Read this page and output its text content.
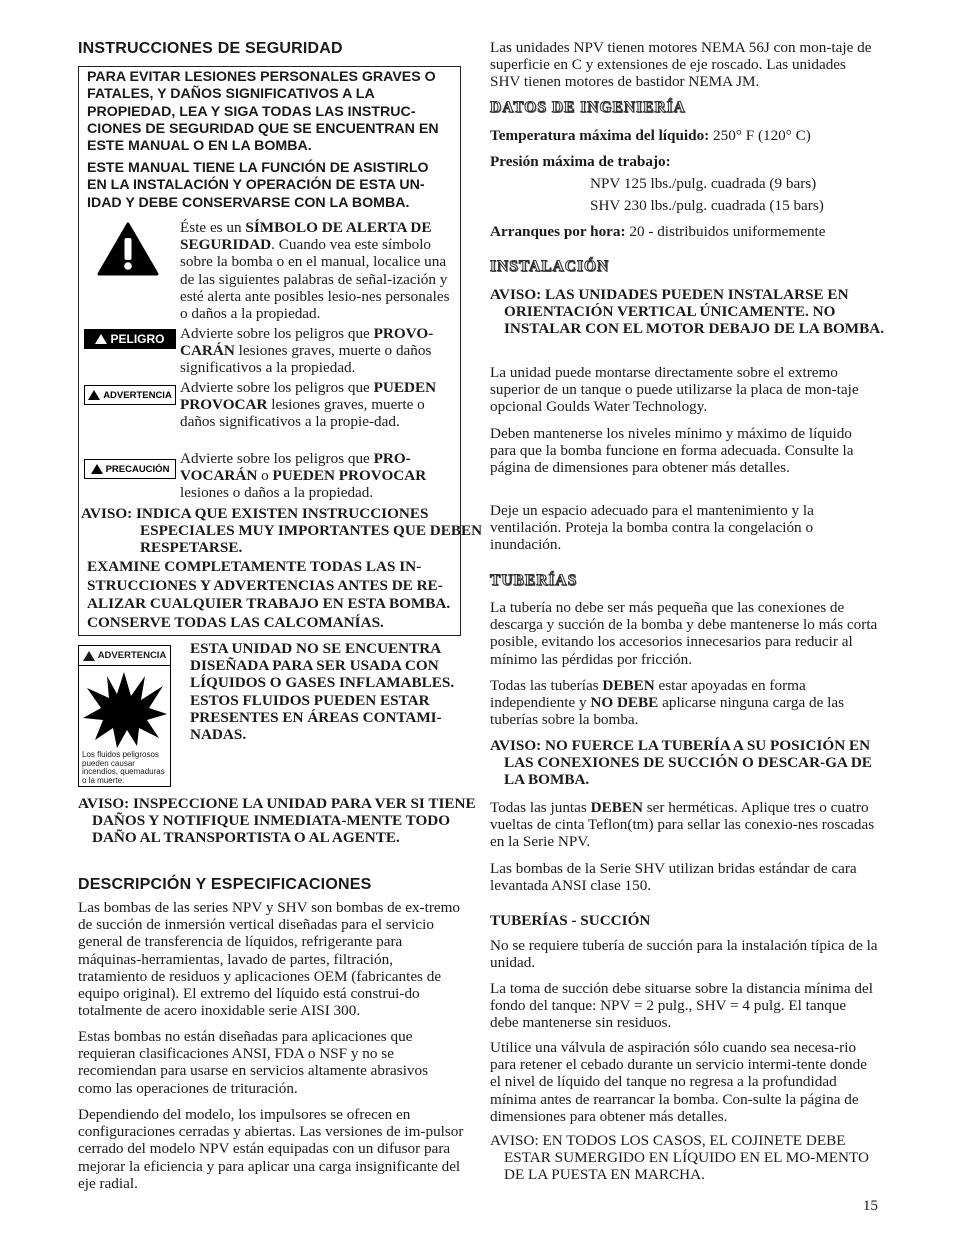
INSTRUCCIONES DE SEGURIDAD

PARA EVITAR LESIONES PERSONALES GRAVES O FATALES, Y DAÑOS SIGNIFICATIVOS A LA PROPIEDAD, LEA Y SIGA TODAS LAS INSTRUC-CIONES DE SEGURIDAD QUE SE ENCUENTRAN EN ESTE MANUAL O EN LA BOMBA.

ESTE MANUAL TIENE LA FUNCIÓN DE ASISTIRLO EN LA INSTALACIÓN Y OPERACIÓN DE ESTA UN-IDAD Y DEBE CONSERVARSE CON LA BOMBA.

Éste es un SÍMBOLO DE ALERTA DE SEGURIDAD. Cuando vea este símbolo sobre la bomba o en el manual, localice una de las siguientes palabras de señal-ización y esté alerta ante posibles lesio-nes personales o daños a la propiedad.

Advierte sobre los peligros que PROVO-CARÁN lesiones graves, muerte o daños significativos a la propiedad.

Advierte sobre los peligros que PUEDEN PROVOCAR lesiones graves, muerte o daños significativos a la propie-dad.

Advierte sobre los peligros que PRO-VOCARÁN o PUEDEN PROVOCAR lesiones o daños a la propiedad.

AVISO: INDICA QUE EXISTEN INSTRUCCIONES ESPECIALES MUY IMPORTANTES QUE DEBEN RESPETARSE.

EXAMINE COMPLETAMENTE TODAS LAS IN-STRUCCIONES Y ADVERTENCIAS ANTES DE RE-ALIZAR CUALQUIER TRABAJO EN ESTA BOMBA.

CONSERVE TODAS LAS CALCOMANÍAS.

PELIGRO
ADVERTENCIA
PRECAUCIÓN
ADVERTENCIA
Los fluidos peligrosos pueden causar incendios, quemaduras o la muerte.

ESTA UNIDAD NO SE ENCUENTRA DISEÑADA PARA SER USADA CON LÍQUIDOS O GASES INFLAMABLES. ESTOS FLUIDOS PUEDEN ESTAR PRESENTES EN ÁREAS CONTAMI-NADAS.

AVISO: INSPECCIONE LA UNIDAD PARA VER SI TIENE DAÑOS Y NOTIFIQUE INMEDIATA-MENTE TODO DAÑO AL TRANSPORTISTA O AL AGENTE.

DESCRIPCIÓN Y ESPECIFICACIONES

Las bombas de las series NPV y SHV son bombas de ex-tremo de succión de inmersión vertical diseñadas para el servicio general de transferencia de líquidos, refrigerante para máquinas-herramientas, lavado de partes, filtración, tratamiento de residuos y aplicaciones OEM (fabricantes de equipo original). El extremo del líquido está construi-do totalmente de acero inoxidable serie AISI 300.

Estas bombas no están diseñadas para aplicaciones que requieran clasificaciones ANSI, FDA o NSF y no se recomiendan para usarse en servicios altamente abrasivos como las operaciones de trituración.

Dependiendo del modelo, los impulsores se ofrecen en configuraciones cerradas y abiertas. Las versiones de im-pulsor cerrado del modelo NPV están equipadas con un difusor para mejorar la eficiencia y para aplicar una carga insignificante del eje radial.

Las unidades NPV tienen motores NEMA 56J con mon-taje de superficie en C y extensiones de eje roscado. Las unidades SHV tienen motores de bastidor NEMA JM.

DATOS DE INGENIERÍA

Temperatura máxima del líquido: 250° F (120° C)

Presión máxima de trabajo:

NPV 125 lbs./pulg. cuadrada (9 bars)

SHV 230 lbs./pulg. cuadrada (15 bars)

Arranques por hora: 20 - distribuidos uniformemente

INSTALACIÓN

AVISO: LAS UNIDADES PUEDEN INSTALARSE EN ORIENTACIÓN VERTICAL ÚNICAMENTE. NO INSTALAR CON EL MOTOR DEBAJO DE LA BOMBA.

La unidad puede montarse directamente sobre el extremo superior de un tanque o puede utilizarse la placa de mon-taje opcional Goulds Water Technology.

Deben mantenerse los niveles mínimo y máximo de líquido para que la bomba funcione en forma adecuada. Consulte la página de dimensiones para obtener más detalles.

Deje un espacio adecuado para el mantenimiento y la ventilación. Proteja la bomba contra la congelación o inundación.

TUBERÍAS

La tubería no debe ser más pequeña que las conexiones de descarga y succión de la bomba y debe mantenerse lo más corta posible, evitando los accesorios innecesarios para reducir al mínimo las pérdidas por fricción.

Todas las tuberías DEBEN estar apoyadas en forma independiente y NO DEBE aplicarse ninguna carga de las tuberías sobre la bomba.

AVISO: NO FUERCE LA TUBERÍA A SU POSICIÓN EN LAS CONEXIONES DE SUCCIÓN O DESCAR-GA DE LA BOMBA.

Todas las juntas DEBEN ser herméticas. Aplique tres o cuatro vueltas de cinta Teflon(tm) para sellar las conexio-nes roscadas en la Serie NPV.

Las bombas de la Serie SHV utilizan bridas estándar de cara levantada ANSI clase 150.

TUBERÍAS - SUCCIÓN

No se requiere tubería de succión para la instalación típica de la unidad.

La toma de succión debe situarse sobre la distancia mínima del fondo del tanque: NPV = 2 pulg., SHV = 4 pulg. El tanque debe mantenerse sin residuos.

Utilice una válvula de aspiración sólo cuando sea necesa-rio para retener el cebado durante un servicio intermi-tente donde el nivel de líquido del tanque no regresa a la profundidad mínima antes de rearrancar la bomba. Con-sulte la página de dimensiones para obtener más detalles.

AVISO: EN TODOS LOS CASOS, EL COJINETE DEBE ESTAR SUMERGIDO EN LÍQUIDO EN EL MO-MENTO DE LA PUESTA EN MARCHA.

15
